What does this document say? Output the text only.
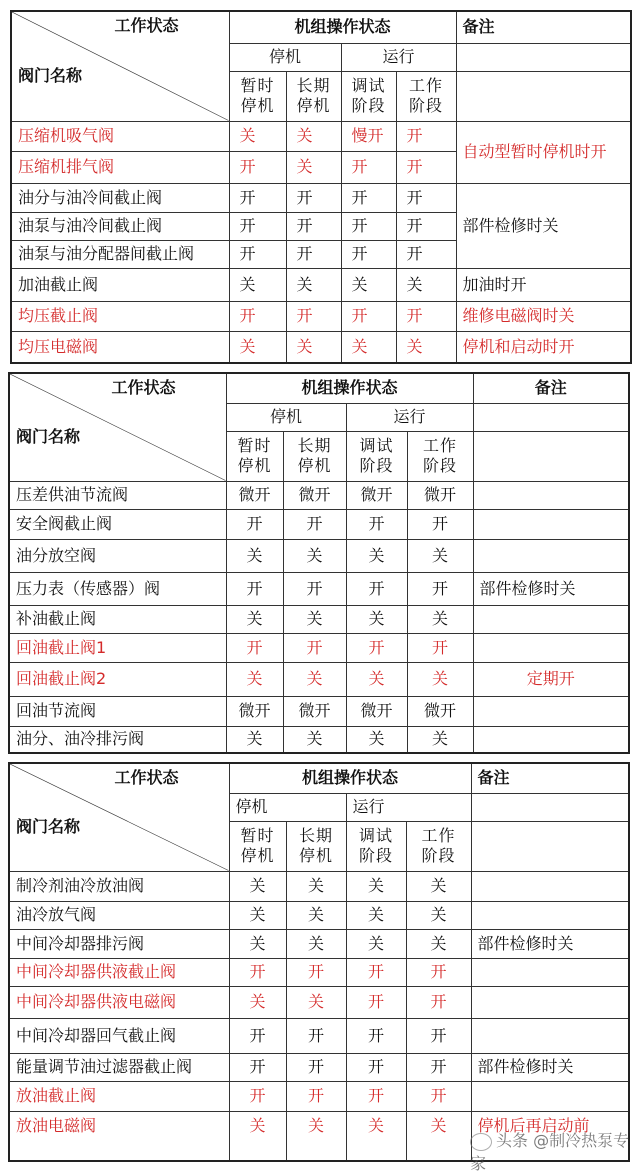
工作状态
阀门名称	机组操作状态				备注
	停机		运行		
	暂时停机	长期停机	调试阶段	工作阶段	
压缩机吸气阀	关	关	慢开	开	自动型暂时停机时开
压缩机排气阀	开	关	开	开	
油分与油冷间截止阀	开	开	开	开	部件检修时关
油泵与油冷间截止阀	开	开	开	开	
油泵与油分配器间截止阀	开	开	开	开	
加油截止阀	关	关	关	关	加油时开
均压截止阀	开	开	开	开	维修电磁阀时关
均压电磁阀	关	关	关	关	停机和启动时开
工作状态
阀门名称	机组操作状态				备注
	停机		运行		
	暂时停机	长期停机	调试阶段	工作阶段	
压差供油节流阀	微开	微开	微开	微开	
安全阀截止阀	开	开	开	开	
油分放空阀	关	关	关	关	
压力表（传感器）阀	开	开	开	开	部件检修时关
补油截止阀	关	关	关	关	
回油截止阀1	开	开	开	开	
回油截止阀2	关	关	关	关	定期开
回油节流阀	微开	微开	微开	微开	
油分、油冷排污阀	关	关	关	关	
工作状态
阀门名称	机组操作状态				备注
	停机		运行		
	暂时停机	长期停机	调试阶段	工作阶段	
制冷剂油冷放油阀	关	关	关	关	
油冷放气阀	关	关	关	关	
中间冷却器排污阀	关	关	关	关	部件检修时关
中间冷却器供液截止阀	开	开	开	开	
中间冷却器供液电磁阀	关	关	开	开	
中间冷却器回气截止阀	开	开	开	开	
能量调节油过滤器截止阀	开	开	开	开	部件检修时关
放油截止阀	开	开	开	开	
放油电磁阀	关	关	关	关	停机后再启动前
头条 @制冷热泵专家
